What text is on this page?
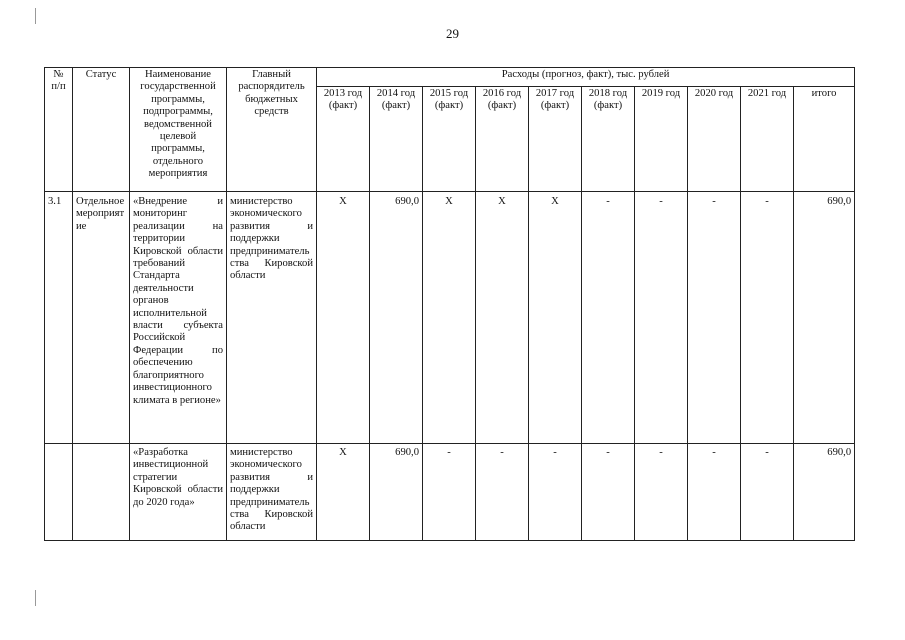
29
№ п/п	Статус	Наименование государственной программы, подпрограммы, ведомственной целевой программы, отдельного мероприятия	Главный распорядитель бюджетных средств	Расходы (прогноз, факт), тыс. рублей									
				2013 год (факт)	2014 год (факт)	2015 год (факт)	2016 год (факт)	2017 год (факт)	2018 год (факт)	2019 год	2020 год	2021 год	итого
3.1	Отдельное мероприятие	«Внедрение и мониторинг реализации на территории Кировской области требований Стандарта деятельности органов исполнительной власти субъекта Российской Федерации по обеспечению благоприятного инвестиционного климата в регионе»	министерство экономического развития и поддержки предпринимательства Кировской области	X	690,0	X	X	X	-	-	-	-	690,0
		«Разработка инвестиционной стратегии Кировской области до 2020 года»	министерство экономического развития и поддержки предпринимательства Кировской области	X	690,0	-	-	-	-	-	-	-	690,0
